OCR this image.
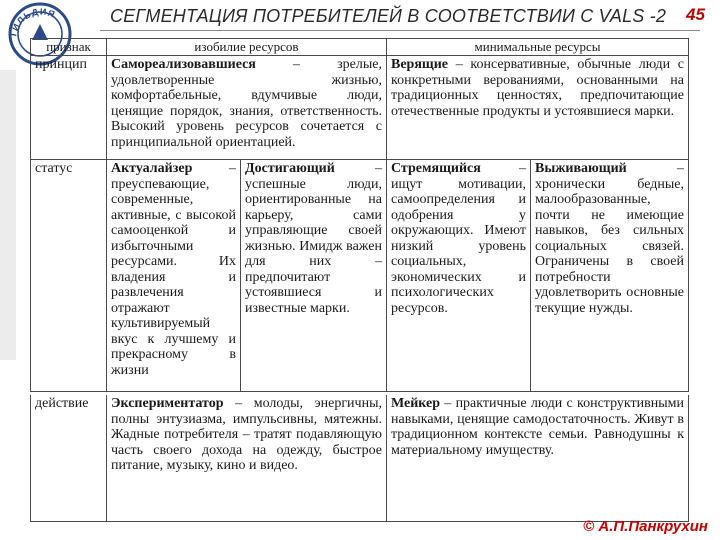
ТИЛЬДИЯ	СЕГМЕНТАЦИЯ ПОТРЕБИТЕЛЕЙ В СООТВЕТСТВИИ С VALS -2	45
признак	изобилие ресурсов		минимальные ресурсы	
принцип	Самореализовавшиеся – зрелые, удовлетворенные жизнью, комфортабельные, вдумчивые люди, ценящие порядок, знания, ответственность. Высокий уровень ресурсов сочетается с принципиальной ориентацией.		Верящие – консервативные, обычные люди с конкретными верованиями, основанными на традиционных ценностях, предпочитающие отечественные продукты и устоявшиеся марки.	
статус	Актуалайзер – преуспевающие, современные, активные, с высокой самооценкой и избыточными ресурсами. Их владения и развлечения отражают культивируемый вкус к лучшему и прекрасному в жизни	Достигающий – успешные люди, ориентированные на карьеру, сами управляющие своей жизнью. Имидж важен для них – предпочитают устоявшиеся и известные марки.	Стремящийся – ищут мотивации, самоопределения и одобрения у окружающих. Имеют низкий уровень социальных, экономических и психологических ресурсов.	Выживающий – хронически бедные, малообразованные, почти не имеющие навыков, без сильных социальных связей. Ограничены в своей потребности удовлетворить основные текущие нужды.
действие	Экспериментатор – молоды, энергичны, полны энтузиазма, импульсивны, мятежны. Жадные потребителя – тратят подавляющую часть своего дохода на одежду, быстрое питание, музыку, кино и видео.	Мейкер – практичные люди с конструктивными навыками, ценящие самодостаточность. Живут в традиционном контексте семьи. Равнодушны к материальному имуществу.
© А.П.Панкрухин
